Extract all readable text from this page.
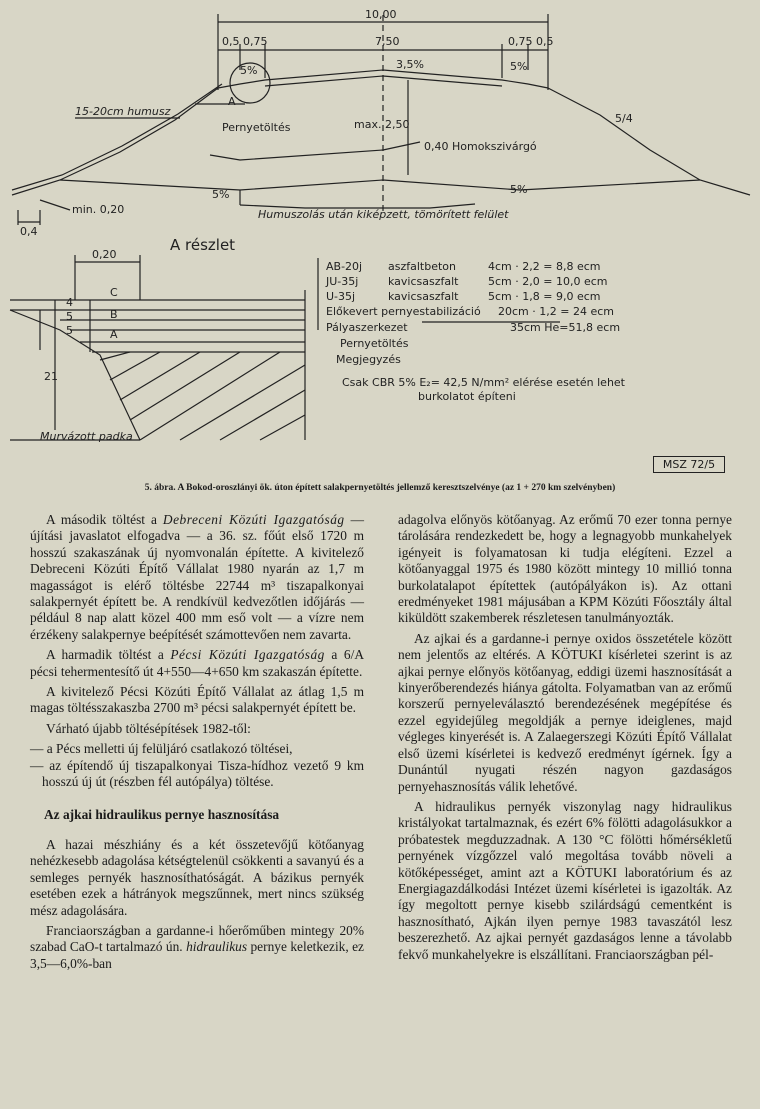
10,00
0,5 0,75	7,50	0,75 0,5
5%	3,5%	5%
15-20cm humusz
Pernyetöltés
A
max. 2,50
0,40 Homokszivárgó
5/4
5%	5%
min. 0,20
0,4
Humuszolás után kiképzett, tömörített felület
A részlet
0,20
C
B
A
4
5
5
21
Murvázott padka
AB-20j aszfaltbeton	4cm · 2,2 = 8,8 ecm
JU-35j	kavicsaszfalt	5cm · 2,0 = 10,0 ecm
U-35j	kavicsaszfalt	5cm · 1,8 = 9,0 ecm
Előkevert pernyestabilizáció 20cm · 1,2 = 24 ecm
Pályaszerkezet	35cm He=51,8 ecm
Pernyetöltés
Megjegyzés
Csak CBR 5% E₂= 42,5 N/mm² elérése esetén lehet
burkolatot építeni
MSZ 72/5
5. ábra. A Bokod-oroszlányi ök. úton épített salakpernyetöltés jellemző keresztszelvénye (az 1 + 270 km szelvényben)

A második töltést a Debreceni Közúti Igazgatóság — újítási javaslatot elfogadva — a 36. sz. főút első 1720 m hosszú szakaszának új nyomvonalán építette. A kivitelező Debreceni Közúti Építő Vállalat 1980 nyarán az 1,7 m magasságot is elérő töltésbe 22744 m³ tiszapalkonyai salakpernyét épített be. A rendkívül kedvezőtlen időjárás — például 8 nap alatt közel 400 mm eső volt — a vízre nem érzékeny salakpernye beépítését számottevően nem zavarta.

A harmadik töltést a Pécsi Közúti Igazgatóság a 6/A pécsi tehermentesítő út 4+550—4+650 km szakaszán építette.

A kivitelező Pécsi Közúti Építő Vállalat az átlag 1,5 m magas töltésszakaszba 2700 m³ pécsi salakpernyét épített be.

Várható újabb töltésépítések 1982-től:

— a Pécs melletti új felüljáró csatlakozó töltései,

— az építendő új tiszapalkonyai Tisza-hídhoz vezető 9 km hosszú új út (részben fél autópálya) töltése.

Az ajkai hidraulikus pernye hasznosítása

A hazai mészhiány és a két összetevőjű kötőanyag nehézkesebb adagolása kétségtelenül csökkenti a savanyú és a semleges pernyék hasznosíthatóságát. A bázikus pernyék esetében ezek a hátrányok megszűnnek, mert nincs szükség mész adagolására.

Franciaországban a gardanne-i hőerőműben mintegy 20% szabad CaO-t tartalmazó ún. hidraulikus pernye keletkezik, ez 3,5—6,0%-ban

adagolva előnyös kötőanyag. Az erőmű 70 ezer tonna pernye tárolására rendezkedett be, hogy a legnagyobb munkahelyek igényeit is folyamatosan ki tudja elégíteni. Ezzel a kötőanyaggal 1975 és 1980 között mintegy 10 millió tonna burkolatalapot építettek (autópályákon is). Az ottani eredményeket 1981 májusában a KPM Közúti Főosztály által kiküldött szakemberek részletesen tanulmányozták.

Az ajkai és a gardanne-i pernye oxidos összetétele között nem jelentős az eltérés. A KÖTUKI kísérletei szerint is az ajkai pernye előnyös kötőanyag, eddigi üzemi hasznosítását a kinyerőberendezés hiánya gátolta. Folyamatban van az erőmű korszerű pernyeleválasztó berendezésének megépítése és ezzel egyidejűleg megoldják a pernye ideiglenes, majd végleges kinyerését is. A Zalaegerszegi Közúti Építő Vállalat első üzemi kísérletei is kedvező eredményt ígérnek. Így a Dunántúl nyugati részén nagyon gazdaságos pernyehasznosítás válik lehetővé.

A hidraulikus pernyék viszonylag nagy hidraulikus kristályokat tartalmaznak, és ezért 6% fölötti adagolásukkor a próbatestek megduzzadnak. A 130 °C fölötti hőmérsékletű pernyének vízgőzzel való megoltása tovább növeli a kötőképességet, amint azt a KÖTUKI laboratórium és az Energiagazdálkodási Intézet üzemi kísérletei is igazolták. Az így megoltott pernye kisebb szilárdságú cementként is hasznosítható, Ajkán ilyen pernye 1983 tavaszától lesz beszerezhető. Az ajkai pernyét gazdaságos lenne a távolabb fekvő munkahelyekre is elszállítani. Franciaországban pél-
